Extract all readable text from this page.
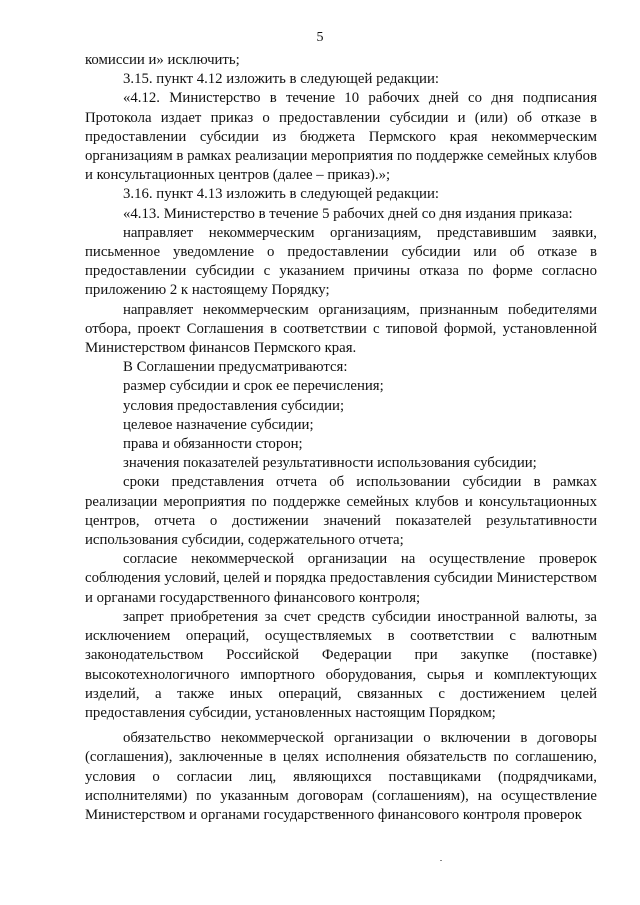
5

комиссии и» исключить;

3.15. пункт 4.12 изложить в следующей редакции:

«4.12. Министерство в течение 10 рабочих дней со дня подписания Протокола издает приказ о предоставлении субсидии и (или) об отказе в предоставлении субсидии из бюджета Пермского края некоммерческим организациям в рамках реализации мероприятия по поддержке семейных клубов и консультационных центров (далее – приказ).»;

3.16. пункт 4.13 изложить в следующей редакции:

«4.13. Министерство в течение 5 рабочих дней со дня издания приказа:

направляет некоммерческим организациям, представившим заявки, письменное уведомление о предоставлении субсидии или об отказе в предоставлении субсидии с указанием причины отказа по форме согласно приложению 2 к настоящему Порядку;

направляет некоммерческим организациям, признанным победителями отбора, проект Соглашения в соответствии с типовой формой, установленной Министерством финансов Пермского края.

В Соглашении предусматриваются:

размер субсидии и срок ее перечисления;

условия предоставления субсидии;

целевое назначение субсидии;

права и обязанности сторон;

значения показателей результативности использования субсидии;

сроки представления отчета об использовании субсидии в рамках реализации мероприятия по поддержке семейных клубов и консультационных центров, отчета о достижении значений показателей результативности использования субсидии, содержательного отчета;

согласие некоммерческой организации на осуществление проверок соблюдения условий, целей и порядка предоставления субсидии Министерством и органами государственного финансового контроля;

запрет приобретения за счет средств субсидии иностранной валюты, за исключением операций, осуществляемых в соответствии с валютным законодательством Российской Федерации при закупке (поставке) высокотехнологичного импортного оборудования, сырья и комплектующих изделий, а также иных операций, связанных с достижением целей предоставления субсидии, установленных настоящим Порядком;

обязательство некоммерческой организации о включении в договоры (соглашения), заключенные в целях исполнения обязательств по соглашению, условия о согласии лиц, являющихся поставщиками (подрядчиками, исполнителями) по указанным договорам (соглашениям), на осуществление Министерством и органами государственного финансового контроля проверок
